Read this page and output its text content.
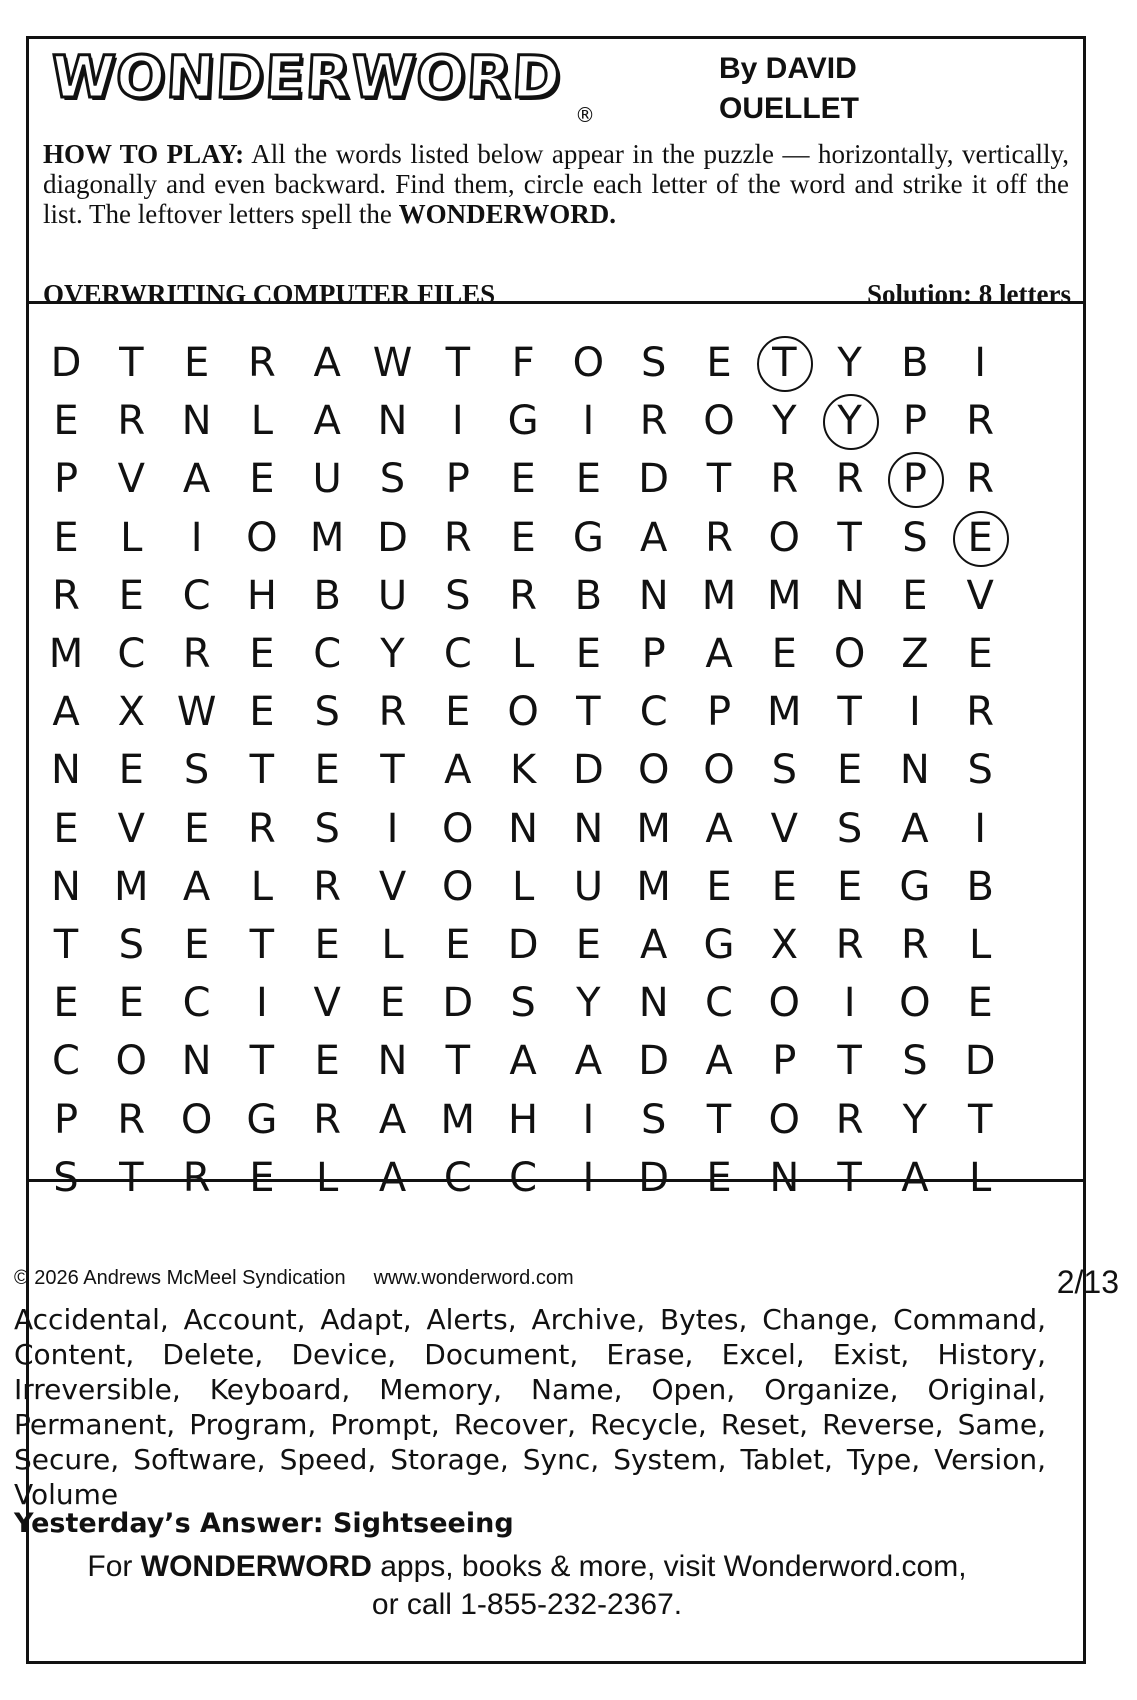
WONDERWORD
®
By DAVID
OUELLET
HOW TO PLAY: All the words listed below appear in the puzzle — horizontally, vertically, diagonally and even backward. Find them, circle each letter of the word and strike it off the list. The leftover letters spell the WONDERWORD.
OVERWRITING COMPUTER FILES	Solution: 8 letters
D T	E R A W T	F O S E	T	Y B	I
E R N L	A N	I	G	I	R O Y	Y	P R
P V A E U S	P	E	E D T R R P R
E	L	I	O M D R E G A R O T	S E
R E C H B U S R B N M M N E V
M C R E C Y C	L	E	P A E O Z E
A X W E S R E O T C P M T	I	R
N E S	T	E	T A K D O O S E N S
E V E R S	I	O N N M A V S A	I
N M A	L	R V O L U M E	E	E G B
T	S E	T	E	L	E D E A G X R R	L
E	E C	I	V E D S	Y N C O	I	O E
C O N T	E N T A A D A P	T	S D
P R O G R A M H	I	S	T O R Y	T
S	T R E	L	A C C	I	D E N T A	L
© 2026 Andrews McMeel Syndication www.wonderword.com	2/13
Accidental, Account, Adapt, Alerts, Archive, Bytes, Change, Command, Content, Delete, Device, Document, Erase, Excel, Exist, History, Irreversible, Keyboard, Memory, Name, Open, Organize, Original, Permanent, Program, Prompt, Recover, Recycle, Reset, Reverse, Same, Secure, Software, Speed, Storage, Sync, System, Tablet, Type, Version, Volume
Yesterday’s Answer: Sightseeing
For WONDERWORD apps, books & more, visit Wonderword.com,
or call 1-855-232-2367.
